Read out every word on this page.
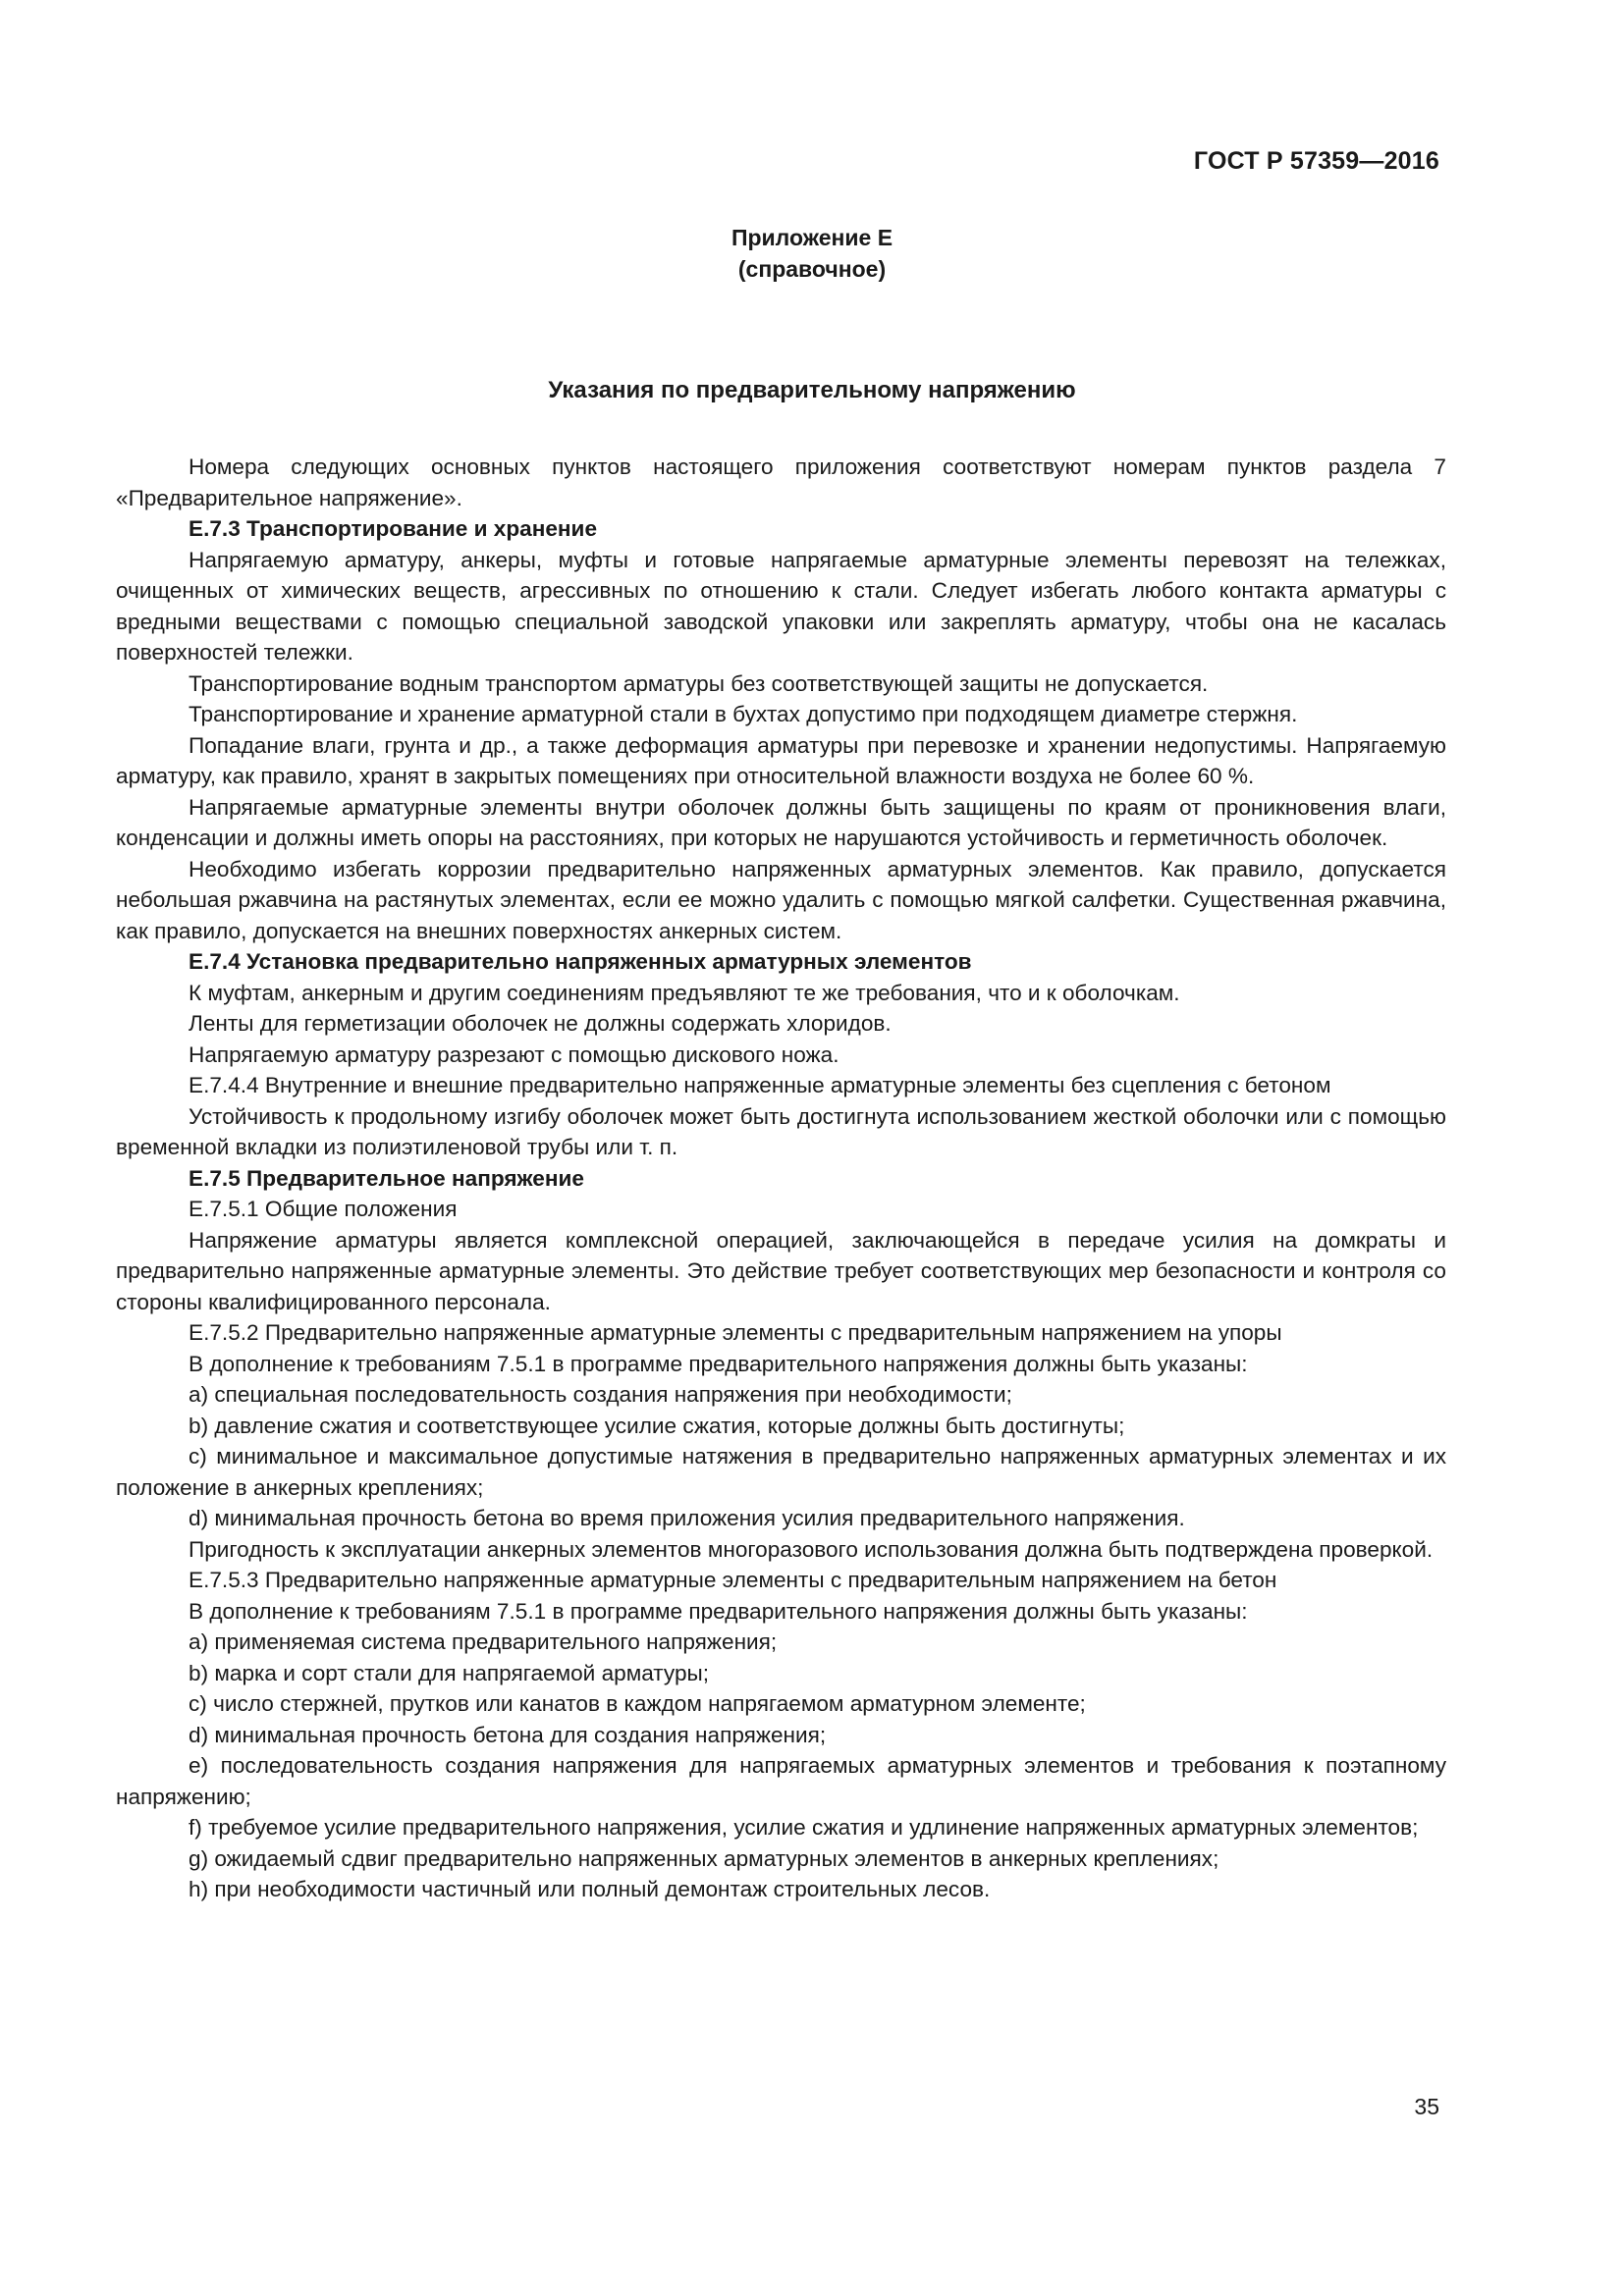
ГОСТ Р 57359—2016
Приложение Е
(справочное)
Указания по предварительному напряжению

Номера следующих основных пунктов настоящего приложения соответствуют номерам пунктов раздела 7 «Предварительное напряжение».

Е.7.3 Транспортирование и хранение

Напрягаемую арматуру, анкеры, муфты и готовые напрягаемые арматурные элементы перевозят на тележках, очищенных от химических веществ, агрессивных по отношению к стали. Следует избегать любого контакта арматуры с вредными веществами с помощью специальной заводской упаковки или закреплять арматуру, чтобы она не касалась поверхностей тележки.

Транспортирование водным транспортом арматуры без соответствующей защиты не допускается.

Транспортирование и хранение арматурной стали в бухтах допустимо при подходящем диаметре стержня.

Попадание влаги, грунта и др., а также деформация арматуры при перевозке и хранении недопустимы. Напрягаемую арматуру, как правило, хранят в закрытых помещениях при относительной влажности воздуха не более 60 %.

Напрягаемые арматурные элементы внутри оболочек должны быть защищены по краям от проникновения влаги, конденсации и должны иметь опоры на расстояниях, при которых не нарушаются устойчивость и герметичность оболочек.

Необходимо избегать коррозии предварительно напряженных арматурных элементов. Как правило, допускается небольшая ржавчина на растянутых элементах, если ее можно удалить с помощью мягкой салфетки. Существенная ржавчина, как правило, допускается на внешних поверхностях анкерных систем.

Е.7.4 Установка предварительно напряженных арматурных элементов

К муфтам, анкерным и другим соединениям предъявляют те же требования, что и к оболочкам.

Ленты для герметизации оболочек не должны содержать хлоридов.

Напрягаемую арматуру разрезают с помощью дискового ножа.

Е.7.4.4 Внутренние и внешние предварительно напряженные арматурные элементы без сцепления с бетоном

Устойчивость к продольному изгибу оболочек может быть достигнута использованием жесткой оболочки или с помощью временной вкладки из полиэтиленовой трубы или т. п.

Е.7.5 Предварительное напряжение

Е.7.5.1 Общие положения

Напряжение арматуры является комплексной операцией, заключающейся в передаче усилия на домкраты и предварительно напряженные арматурные элементы. Это действие требует соответствующих мер безопасности и контроля со стороны квалифицированного персонала.

Е.7.5.2 Предварительно напряженные арматурные элементы с предварительным напряжением на упоры

В дополнение к требованиям 7.5.1 в программе предварительного напряжения должны быть указаны:

a) специальная последовательность создания напряжения при необходимости;

b) давление сжатия и соответствующее усилие сжатия, которые должны быть достигнуты;

c) минимальное и максимальное допустимые натяжения в предварительно напряженных арматурных элементах и их положение в анкерных креплениях;

d) минимальная прочность бетона во время приложения усилия предварительного напряжения.

Пригодность к эксплуатации анкерных элементов многоразового использования должна быть подтверждена проверкой.

Е.7.5.3 Предварительно напряженные арматурные элементы с предварительным напряжением на бетон

В дополнение к требованиям 7.5.1 в программе предварительного напряжения должны быть указаны:

a) применяемая система предварительного напряжения;

b) марка и сорт стали для напрягаемой арматуры;

c) число стержней, прутков или канатов в каждом напрягаемом арматурном элементе;

d) минимальная прочность бетона для создания напряжения;

e) последовательность создания напряжения для напрягаемых арматурных элементов и требования к поэтапному напряжению;

f) требуемое усилие предварительного напряжения, усилие сжатия и удлинение напряженных арматурных элементов;

g) ожидаемый сдвиг предварительно напряженных арматурных элементов в анкерных креплениях;

h) при необходимости частичный или полный демонтаж строительных лесов.

35
